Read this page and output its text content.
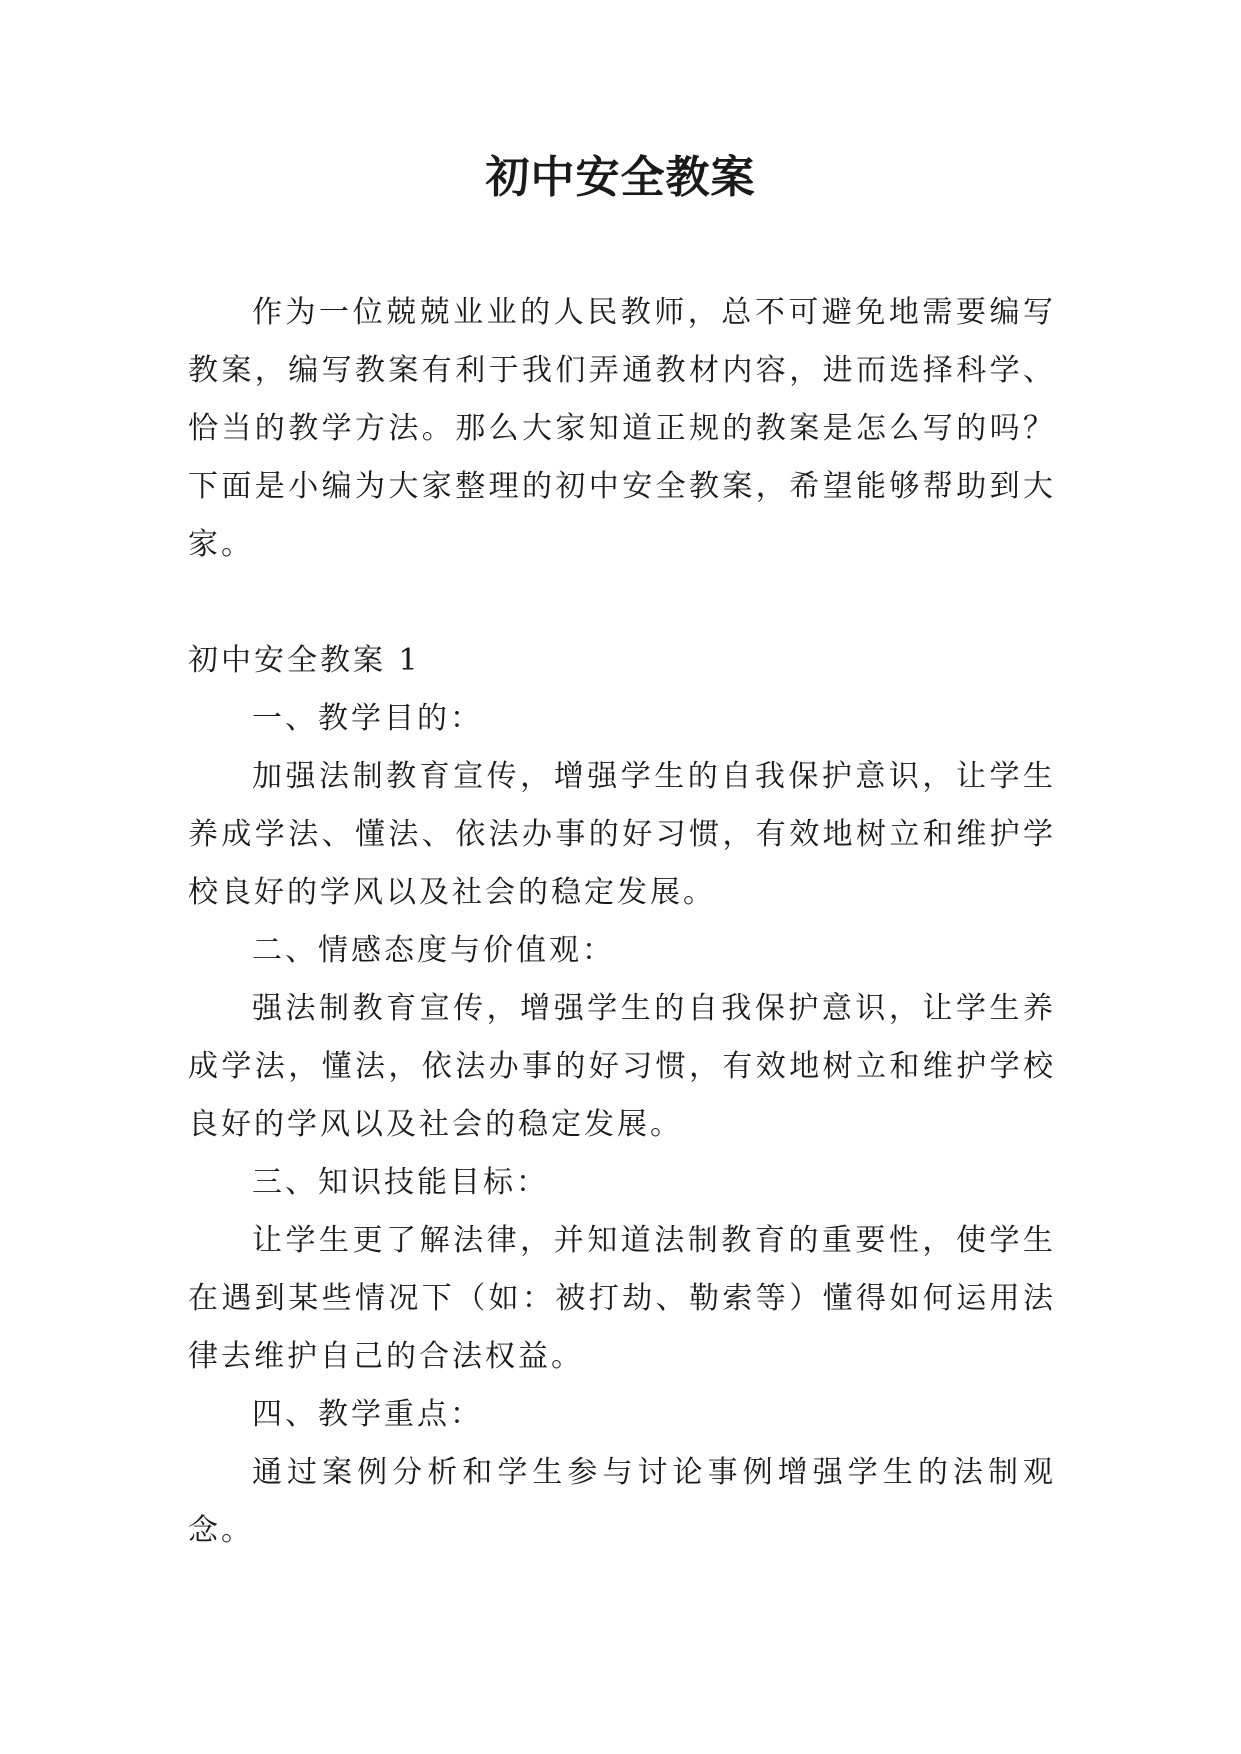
初中安全教案

作为一位兢兢业业的人民教师，总不可避免地需要编写教案，编写教案有利于我们弄通教材内容，进而选择科学、恰当的教学方法。那么大家知道正规的教案是怎么写的吗？下面是小编为大家整理的初中安全教案，希望能够帮助到大家。

初中安全教案 1

一、教学目的：

加强法制教育宣传，增强学生的自我保护意识，让学生养成学法、懂法、依法办事的好习惯，有效地树立和维护学校良好的学风以及社会的稳定发展。

二、情感态度与价值观：

强法制教育宣传，增强学生的自我保护意识，让学生养成学法，懂法，依法办事的好习惯，有效地树立和维护学校良好的学风以及社会的稳定发展。

三、知识技能目标：

让学生更了解法律，并知道法制教育的重要性，使学生在遇到某些情况下（如：被打劫、勒索等）懂得如何运用法律去维护自己的合法权益。

四、教学重点：

通过案例分析和学生参与讨论事例增强学生的法制观念。
